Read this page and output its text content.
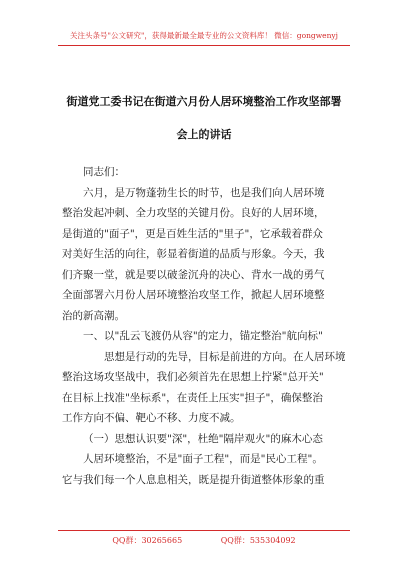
关注头条号"公文研究"，获得最新最全最专业的公文资料库！ 微信：gongwenyj
街道党工委书记在街道六月份人居环境整治工作攻坚部署
会上的讲话
同志们：
六月，是万物蓬勃生长的时节，也是我们向人居环境
整治发起冲刺、全力攻坚的关键月份。良好的人居环境，
是街道的"面子"，更是百姓生活的"里子"，它承载着群众
对美好生活的向往，彰显着街道的品质与形象。今天，我
们齐聚一堂，就是要以破釜沉舟的决心、背水一战的勇气
全面部署六月份人居环境整治攻坚工作，掀起人居环境整
治的新高潮。
一、以"乱云飞渡仍从容"的定力，锚定整治"航向标"
思想是行动的先导，目标是前进的方向。在人居环境
整治这场攻坚战中，我们必须首先在思想上拧紧"总开关"
在目标上找准"坐标系"，在责任上压实"担子"，确保整治
工作方向不偏、靶心不移、力度不减。
（一）思想认识要"深"，杜绝"隔岸观火"的麻木心态
人居环境整治，不是"面子工程"，而是"民心工程"。
它与我们每一个人息息相关，既是提升街道整体形象的重
QQ群：30265665	QQ群：535304092
